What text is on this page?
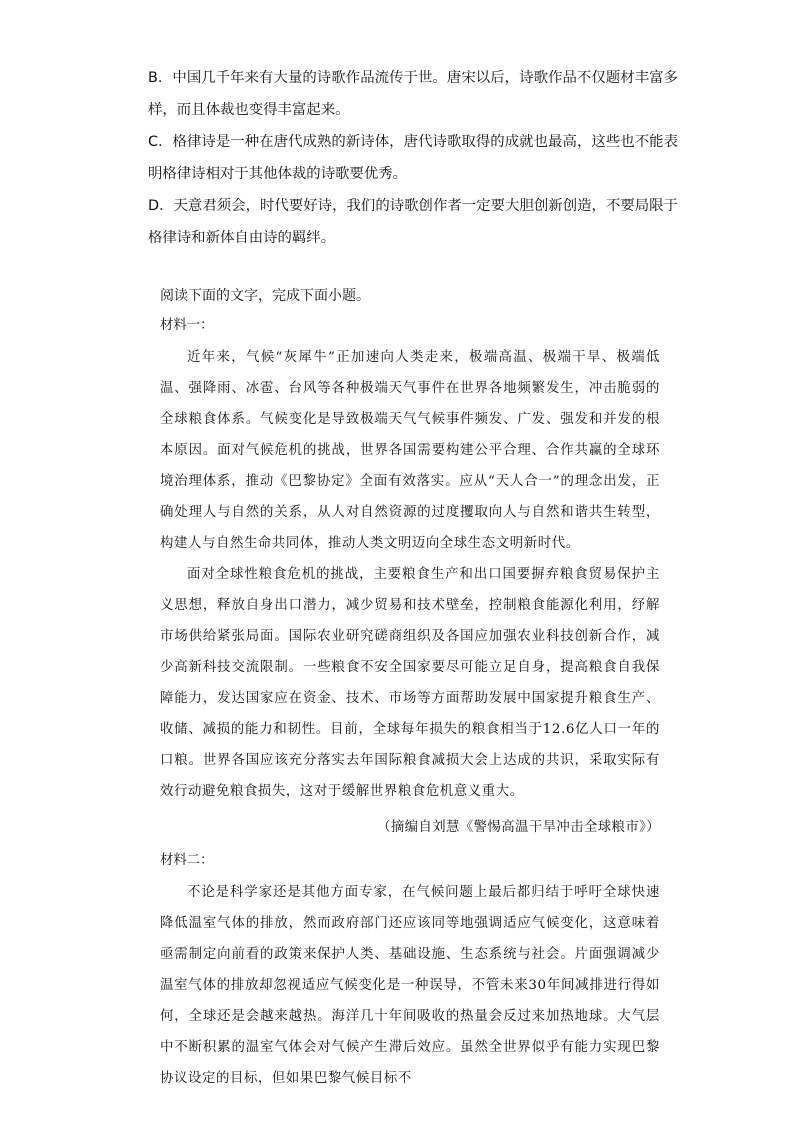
B．中国几千年来有大量的诗歌作品流传于世。唐宋以后，诗歌作品不仅题材丰富多样，而且体裁也变得丰富起来。

C．格律诗是一种在唐代成熟的新诗体，唐代诗歌取得的成就也最高，这些也不能表明格律诗相对于其他体裁的诗歌要优秀。

D．天意君须会，时代要好诗，我们的诗歌创作者一定要大胆创新创造，不要局限于格律诗和新体自由诗的羁绊。

阅读下面的文字，完成下面小题。

材料一：

近年来，气候“灰犀牛”正加速向人类走来，极端高温、极端干旱、极端低温、强降雨、冰雹、台风等各种极端天气事件在世界各地频繁发生，冲击脆弱的全球粮食体系。气候变化是导致极端天气气候事件频发、广发、强发和并发的根本原因。面对气候危机的挑战，世界各国需要构建公平合理、合作共赢的全球环境治理体系，推动《巴黎协定》全面有效落实。应从“天人合一”的理念出发，正确处理人与自然的关系，从人对自然资源的过度攫取向人与自然和谐共生转型，构建人与自然生命共同体，推动人类文明迈向全球生态文明新时代。

面对全球性粮食危机的挑战，主要粮食生产和出口国要摒弃粮食贸易保护主义思想，释放自身出口潜力，减少贸易和技术壁垒，控制粮食能源化利用，纾解市场供给紧张局面。国际农业研究磋商组织及各国应加强农业科技创新合作，减少高新科技交流限制。一些粮食不安全国家要尽可能立足自身，提高粮食自我保障能力，发达国家应在资金、技术、市场等方面帮助发展中国家提升粮食生产、收储、减损的能力和韧性。目前，全球每年损失的粮食相当于12.6亿人口一年的口粮。世界各国应该充分落实去年国际粮食减损大会上达成的共识，采取实际有效行动避免粮食损失，这对于缓解世界粮食危机意义重大。

（摘编自刘慧《警惕高温干旱冲击全球粮市》）

材料二：

不论是科学家还是其他方面专家，在气候问题上最后都归结于呼吁全球快速降低温室气体的排放，然而政府部门还应该同等地强调适应气候变化，这意味着亟需制定向前看的政策来保护人类、基础设施、生态系统与社会。片面强调减少温室气体的排放却忽视适应气候变化是一种误导，不管未来30年间减排进行得如何，全球还是会越来越热。海洋几十年间吸收的热量会反过来加热地球。大气层中不断积累的温室气体会对气候产生滞后效应。虽然全世界似乎有能力实现巴黎协议设定的目标，但如果巴黎气候目标不
